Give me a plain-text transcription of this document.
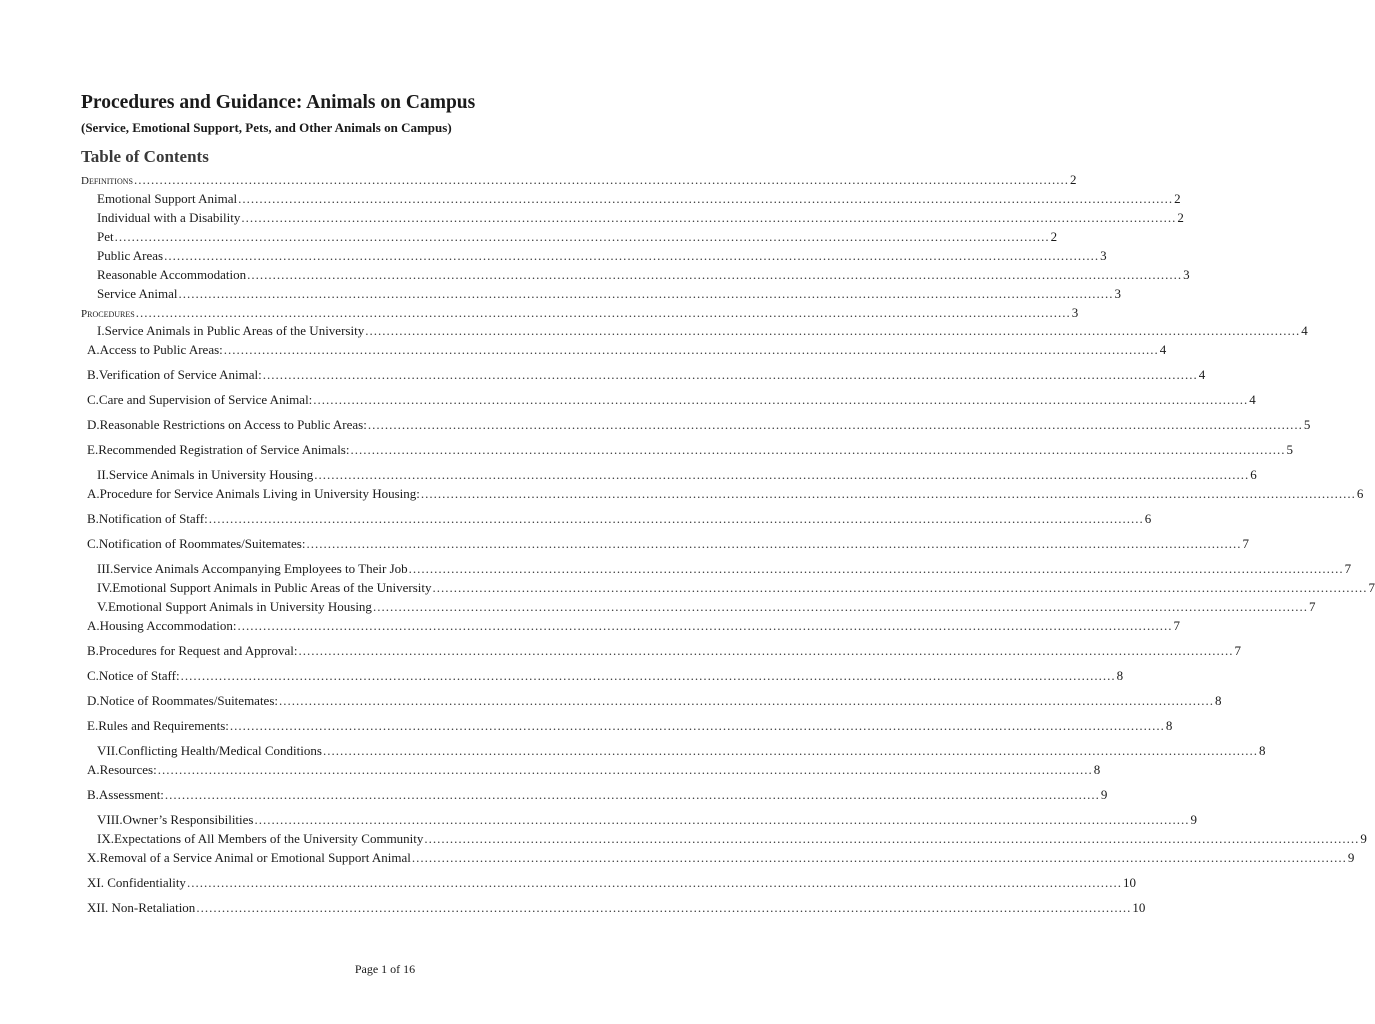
Procedures and Guidance: Animals on Campus
(Service, Emotional Support, Pets, and Other Animals on Campus)
Table of Contents
DEFINITIONS ............................................................................................................................................................................................................................ 2
Emotional Support Animal ............................................................................................................................................................................................................................ 2
Individual with a Disability ............................................................................................................................................................................................................................ 2
Pet ............................................................................................................................................................................................................................ 2
Public Areas ............................................................................................................................................................................................................................ 3
Reasonable Accommodation ............................................................................................................................................................................................................................ 3
Service Animal ............................................................................................................................................................................................................................ 3
PROCEDURES ............................................................................................................................................................................................................................ 3
I. Service Animals in Public Areas of the University ............................................................................................................................................................................................................................ 4
A. Access to Public Areas: ............................................................................................................................................................................................................................ 4
B. Verification of Service Animal: ............................................................................................................................................................................................................................ 4
C. Care and Supervision of Service Animal: ............................................................................................................................................................................................................................ 4
D. Reasonable Restrictions on Access to Public Areas: ............................................................................................................................................................................................................................ 5
E. Recommended Registration of Service Animals: ............................................................................................................................................................................................................................ 5
II. Service Animals in University Housing ............................................................................................................................................................................................................................ 6
A. Procedure for Service Animals Living in University Housing: ............................................................................................................................................................................................................................ 6
B. Notification of Staff: ............................................................................................................................................................................................................................ 6
C. Notification of Roommates/Suitemates: ............................................................................................................................................................................................................................ 7
III. Service Animals Accompanying Employees to Their Job ............................................................................................................................................................................................................................ 7
IV. Emotional Support Animals in Public Areas of the University ............................................................................................................................................................................................................................ 7
V. Emotional Support Animals in University Housing ............................................................................................................................................................................................................................ 7
A. Housing Accommodation: ............................................................................................................................................................................................................................ 7
B. Procedures for Request and Approval: ............................................................................................................................................................................................................................ 7
C. Notice of Staff: ............................................................................................................................................................................................................................ 8
D. Notice of Roommates/Suitemates: ............................................................................................................................................................................................................................ 8
E. Rules and Requirements: ............................................................................................................................................................................................................................ 8
VII. Conflicting Health/Medical Conditions ............................................................................................................................................................................................................................ 8
A. Resources: ............................................................................................................................................................................................................................ 8
B. Assessment: ............................................................................................................................................................................................................................ 9
VIII. Owner’s Responsibilities ............................................................................................................................................................................................................................ 9
IX. Expectations of All Members of the University Community ............................................................................................................................................................................................................................ 9
X. Removal of a Service Animal or Emotional Support Animal ............................................................................................................................................................................................................................ 9
XI. Confidentiality ............................................................................................................................................................................................................................ 10
XII. Non-Retaliation ............................................................................................................................................................................................................................ 10
Page 1 of 16
